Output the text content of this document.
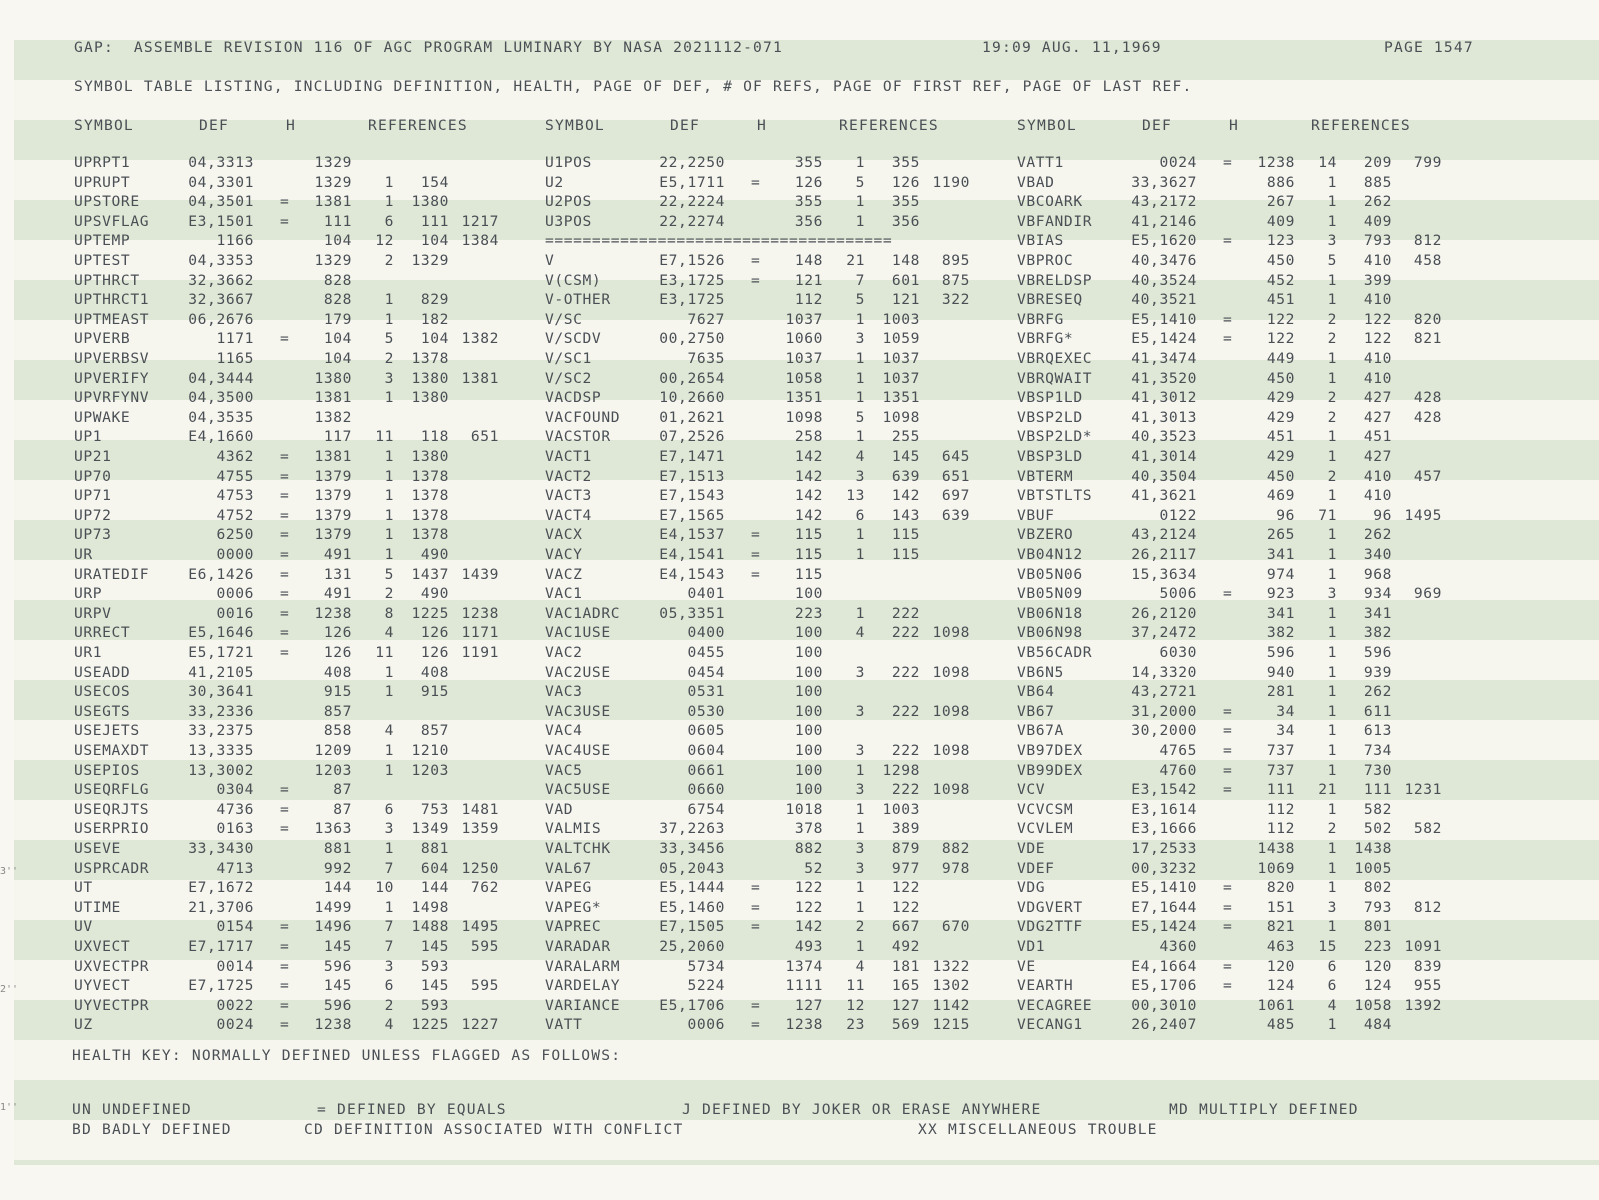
GAP:  ASSEMBLE REVISION 116 OF AGC PROGRAM LUMINARY BY NASA 2021112-071	19:09 AUG. 11,1969	PAGE 1547
SYMBOL TABLE LISTING, INCLUDING DEFINITION, HEALTH, PAGE OF DEF, # OF REFS, PAGE OF FIRST REF, PAGE OF LAST REF.
SYMBOL	DEF	H	REFERENCES	SYMBOL	DEF	H	REFERENCES	SYMBOL	DEF	H	REFERENCES
UPRPT1	04,3313	1329
UPRUPT	04,3301	1329	1	154
UPSTORE	04,3501 =	1381	1	1380
UPSVFLAG	E3,1501 =	111	6	111 1217
UPTEMP	1166	104	12	104 1384
UPTEST	04,3353	1329	2	1329
UPTHRCT	32,3662	828
UPTHRCT1	32,3667	828	1	829
UPTMEAST	06,2676	179	1	182
UPVERB	1171 =	104	5	104 1382
UPVERBSV	1165	104	2	1378
UPVERIFY	04,3444	1380	3	1380 1381
UPVRFYNV	04,3500	1381	1	1380
UPWAKE	04,3535	1382
UP1	E4,1660	117	11	118	651
UP21	4362 =	1381	1	1380
UP70	4755 =	1379	1	1378
UP71	4753 =	1379	1	1378
UP72	4752 =	1379	1	1378
UP73	6250 =	1379	1	1378
UR	0000 =	491	1	490
URATEDIF	E6,1426 =	131	5	1437 1439
URP	0006 =	491	2	490
URPV	0016 =	1238	8	1225 1238
URRECT	E5,1646 =	126	4	126 1171
UR1	E5,1721 =	126	11	126 1191
USEADD	41,2105	408	1	408
USECOS	30,3641	915	1	915
USEGTS	33,2336	857
USEJETS	33,2375	858	4	857
USEMAXDT	13,3335	1209	1	1210
USEPIOS	13,3002	1203	1	1203
USEQRFLG	0304 =	87
USEQRJTS	4736 =	87	6	753 1481
USERPRIO	0163 =	1363	3	1349 1359
USEVE	33,3430	881	1	881
USPRCADR	4713	992	7	604 1250
UT	E7,1672	144	10	144	762
UTIME	21,3706	1499	1	1498
UV	0154 =	1496	7	1488 1495
UXVECT	E7,1717 =	145	7	145	595
UXVECTPR	0014 =	596	3	593
UYVECT	E7,1725 =	145	6	145	595
UYVECTPR	0022 =	596	2	593
UZ	0024 =	1238	4	1225 1227
U1POS	22,2250	355	1	355
U2	E5,1711 =	126	5	126 1190
U2POS	22,2224	355	1	355
U3POS	22,2274	356	1	356
=====================================
V	E7,1526 =	148	21	148	895
V(CSM)	E3,1725 =	121	7	601	875
V-OTHER	E3,1725	112	5	121	322
V/SC	7627	1037	1	1003
V/SCDV	00,2750	1060	3	1059
V/SC1	7635	1037	1	1037
V/SC2	00,2654	1058	1	1037
VACDSP	10,2660	1351	1	1351
VACFOUND	01,2621	1098	5	1098
VACSTOR	07,2526	258	1	255
VACT1	E7,1471	142	4	145	645
VACT2	E7,1513	142	3	639	651
VACT3	E7,1543	142	13	142	697
VACT4	E7,1565	142	6	143	639
VACX	E4,1537 =	115	1	115
VACY	E4,1541 =	115	1	115
VACZ	E4,1543 =	115
VAC1	0401	100
VAC1ADRC	05,3351	223	1	222
VAC1USE	0400	100	4	222 1098
VAC2	0455	100
VAC2USE	0454	100	3	222 1098
VAC3	0531	100
VAC3USE	0530	100	3	222 1098
VAC4	0605	100
VAC4USE	0604	100	3	222 1098
VAC5	0661	100	1	1298
VAC5USE	0660	100	3	222 1098
VAD	6754	1018	1	1003
VALMIS	37,2263	378	1	389
VALTCHK	33,3456	882	3	879	882
VAL67	05,2043	52	3	977	978
VAPEG	E5,1444 =	122	1	122
VAPEG*	E5,1460 =	122	1	122
VAPREC	E7,1505 =	142	2	667	670
VARADAR	25,2060	493	1	492
VARALARM	5734	1374	4	181 1322
VARDELAY	5224	1111	11	165 1302
VARIANCE	E5,1706 =	127	12	127 1142
VATT	0006 =	1238	23	569 1215
VATT1	0024 =	1238	14	209	799
VBAD	33,3627	886	1	885
VBCOARK	43,2172	267	1	262
VBFANDIR	41,2146	409	1	409
VBIAS	E5,1620 =	123	3	793	812
VBPROC	40,3476	450	5	410	458
VBRELDSP	40,3524	452	1	399
VBRESEQ	40,3521	451	1	410
VBRFG	E5,1410 =	122	2	122	820
VBRFG*	E5,1424 =	122	2	122	821
VBRQEXEC	41,3474	449	1	410
VBRQWAIT	41,3520	450	1	410
VBSP1LD	41,3012	429	2	427	428
VBSP2LD	41,3013	429	2	427	428
VBSP2LD*	40,3523	451	1	451
VBSP3LD	41,3014	429	1	427
VBTERM	40,3504	450	2	410	457
VBTSTLTS	41,3621	469	1	410
VBUF	0122	96	71	96 1495
VBZERO	43,2124	265	1	262
VB04N12	26,2117	341	1	340
VB05N06	15,3634	974	1	968
VB05N09	5006 =	923	3	934	969
VB06N18	26,2120	341	1	341
VB06N98	37,2472	382	1	382
VB56CADR	6030	596	1	596
VB6N5	14,3320	940	1	939
VB64	43,2721	281	1	262
VB67	31,2000 =	34	1	611
VB67A	30,2000 =	34	1	613
VB97DEX	4765 =	737	1	734
VB99DEX	4760 =	737	1	730
VCV	E3,1542 =	111	21	111 1231
VCVCSM	E3,1614	112	1	582
VCVLEM	E3,1666	112	2	502	582
VDE	17,2533	1438	1	1438
VDEF	00,3232	1069	1	1005
VDG	E5,1410 =	820	1	802
VDGVERT	E7,1644 =	151	3	793	812
VDG2TTF	E5,1424 =	821	1	801
VD1	4360	463	15	223 1091
VE	E4,1664 =	120	6	120	839
VEARTH	E5,1706 =	124	6	124	955
VECAGREE	00,3010	1061	4	1058 1392
VECANG1	26,2407	485	1	484
HEALTH KEY: NORMALLY DEFINED UNLESS FLAGGED AS FOLLOWS:
UN UNDEFINED	= DEFINED BY EQUALS	J DEFINED BY JOKER OR ERASE ANYWHERE	MD MULTIPLY DEFINED
BD BADLY DEFINED	CD DEFINITION ASSOCIATED WITH CONFLICT	XX MISCELLANEOUS TROUBLE
3''
2''
1''
